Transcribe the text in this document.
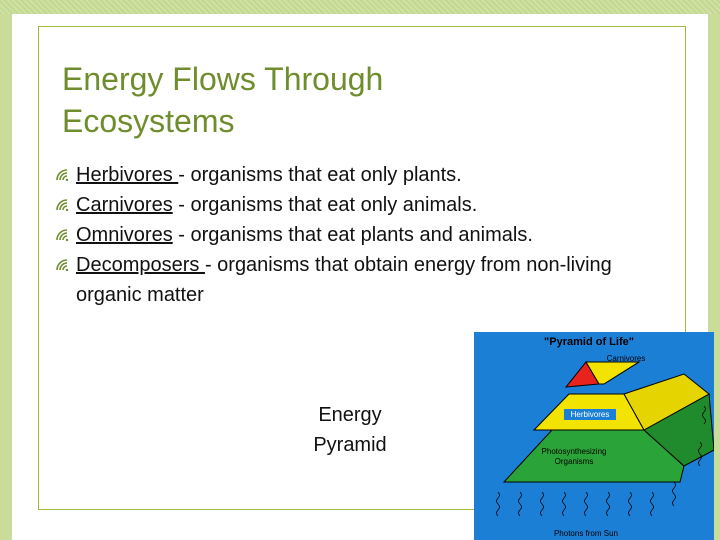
Energy Flows Through
Ecosystems
Herbivores - organisms that eat only plants.
Carnivores - organisms that eat only animals.
Omnivores - organisms that eat plants and animals.
Decomposers - organisms that obtain energy from non-living organic matter
Energy
Pyramid
"Pyramid of Life"
Carnivores
Herbivores
Photosynthesizing
Organisms
Photons from Sun
